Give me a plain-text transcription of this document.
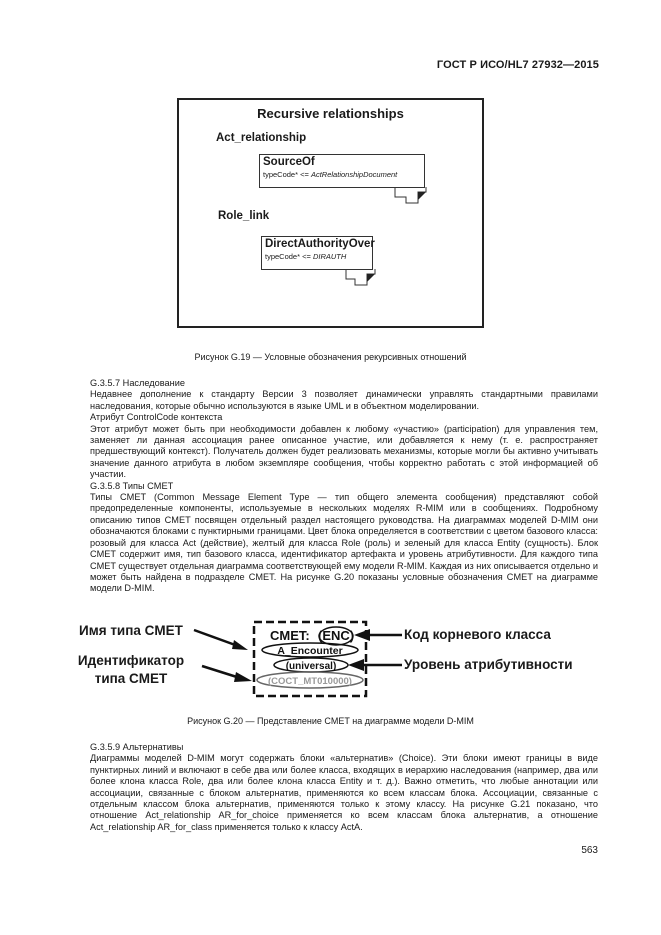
ГОСТ Р ИСО/HL7 27932—2015
Recursive relationships
Act_relationship
SourceOf
typeCode* <= ActRelationshipDocument
Role_link
DirectAuthorityOver
typeCode* <= DIRAUTH
Рисунок G.19 — Условные обозначения рекурсивных отношений

G.3.5.7 Наследование

Недавнее дополнение к стандарту Версии 3 позволяет динамически управлять стандартными правилами наследования, которые обычно используются в языке UML и в объектном моделировании.

Атрибут ControlCode контекста

Этот атрибут может быть при необходимости добавлен к любому «участию» (participation) для управления тем, заменяет ли данная ассоциация ранее описанное участие, или добавляется к нему (т. е. распространяет предшествующий контекст). Получатель должен будет реализовать механизмы, которые могли бы активно учитывать значение данного атрибута в любом экземпляре сообщения, чтобы корректно работать с этой информацией об участии.

G.3.5.8 Типы CMET

Типы CMET (Common Message Element Type — тип общего элемента сообщения) представляют собой предопределенные компоненты, используемые в нескольких моделях R-MIM или в сообщениях. Подробному описанию типов CMET посвящен отдельный раздел настоящего руководства. На диаграммах моделей D-MIM они обозначаются блоками с пунктирными границами. Цвет блока определяется в соответствии с цветом базового класса: розовый для класса Act (действие), желтый для класса Role (роль) и зеленый для класса Entity (сущность). Блок CMET содержит имя, тип базового класса, идентификатор артефакта и уровень атрибутивности. Для каждого типа CMET существует отдельная диаграмма соответствующей ему модели R-MIM. Каждая из них описывается отдельно и может быть найдена в подразделе CMET. На рисунке G.20 показаны условные обозначения CMET на диаграмме модели D-MIM.

Имя типа CMET
Идентификатор
типа CMET
Код корневого класса
Уровень атрибутивности
CMET: (ENC)
A_Encounter
(universal)
(COCT_MT010000)
Рисунок G.20 — Представление CMET на диаграмме модели D-MIM

G.3.5.9 Альтернативы

Диаграммы моделей D-MIM могут содержать блоки «альтернатив» (Choice). Эти блоки имеют границы в виде пунктирных линий и включают в себе два или более класса, входящих в иерархию наследования (например, два или более клона класса Role, два или более клона класса Entity и т. д.). Важно отметить, что любые аннотации или ассоциации, связанные с блоком альтернатив, применяются ко всем классам блока. Ассоциации, связанные с отдельным классом блока альтернатив, применяются только к этому классу. На рисунке G.21 показано, что отношение Act_relationship AR_for_choice применяется ко всем классам блока альтернатив, а отношение Act_relationship AR_for_class применяется только к классу ActA.

563
